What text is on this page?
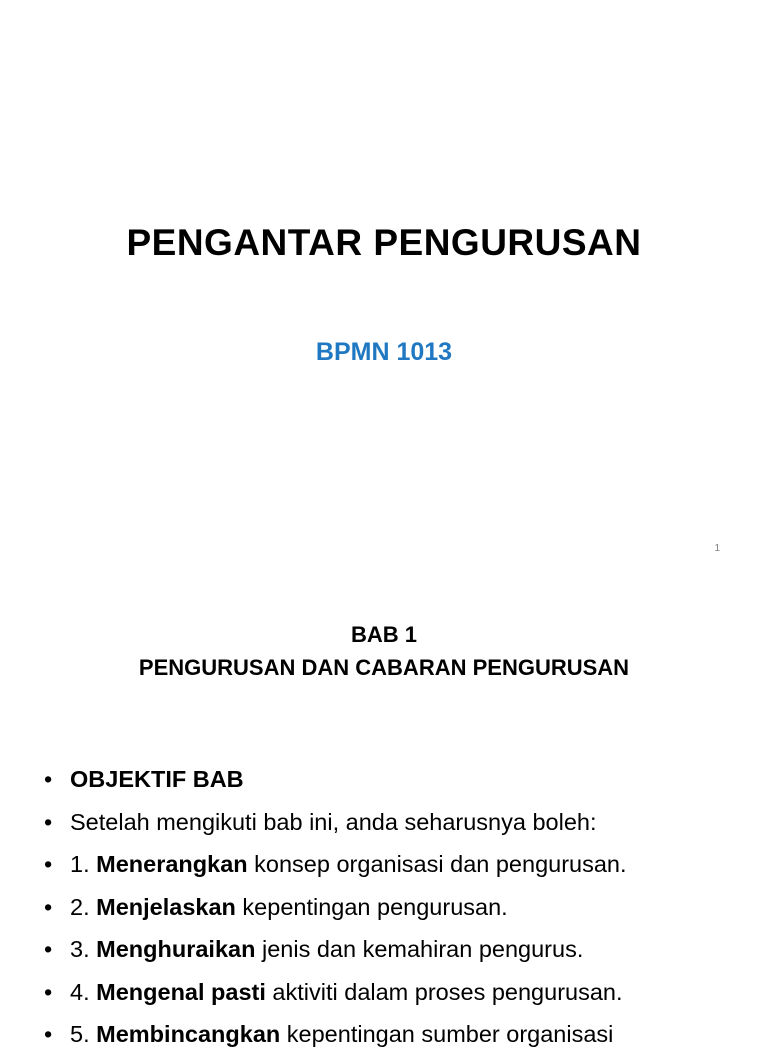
PENGANTAR PENGURUSAN
BPMN 1013
1
BAB 1
PENGURUSAN DAN CABARAN PENGURUSAN
• OBJEKTIF BAB
• Setelah mengikuti bab ini, anda seharusnya boleh:
• 1. Menerangkan konsep organisasi dan pengurusan.
• 2. Menjelaskan kepentingan pengurusan.
• 3. Menghuraikan jenis dan kemahiran pengurus.
• 4. Mengenal pasti aktiviti dalam proses pengurusan.
• 5. Membincangkan kepentingan sumber organisasi
